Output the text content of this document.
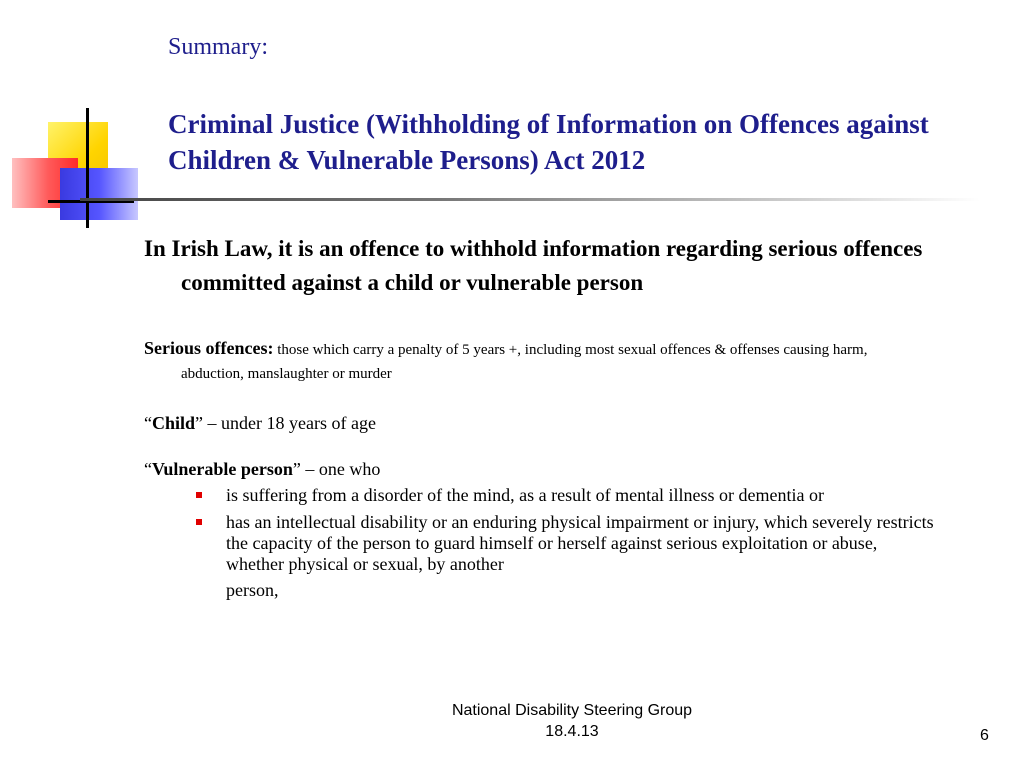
Summary:
Criminal Justice (Withholding of Information on Offences against Children & Vulnerable Persons) Act 2012

In Irish Law, it is an offence to withhold information regarding serious offences committed against a child or vulnerable person

Serious offences: those which carry a penalty of 5 years +, including most sexual offences & offenses causing harm, abduction, manslaughter or murder

“Child” – under 18 years of age

“Vulnerable person” – one who

is suffering from a disorder of the mind, as a result of mental illness or dementia or
has an intellectual disability or an enduring physical impairment or injury, which severely restricts the capacity of the person to guard himself or herself against serious exploitation or abuse, whether physical or sexual, by another
person,
National Disability Steering Group
18.4.13	6
